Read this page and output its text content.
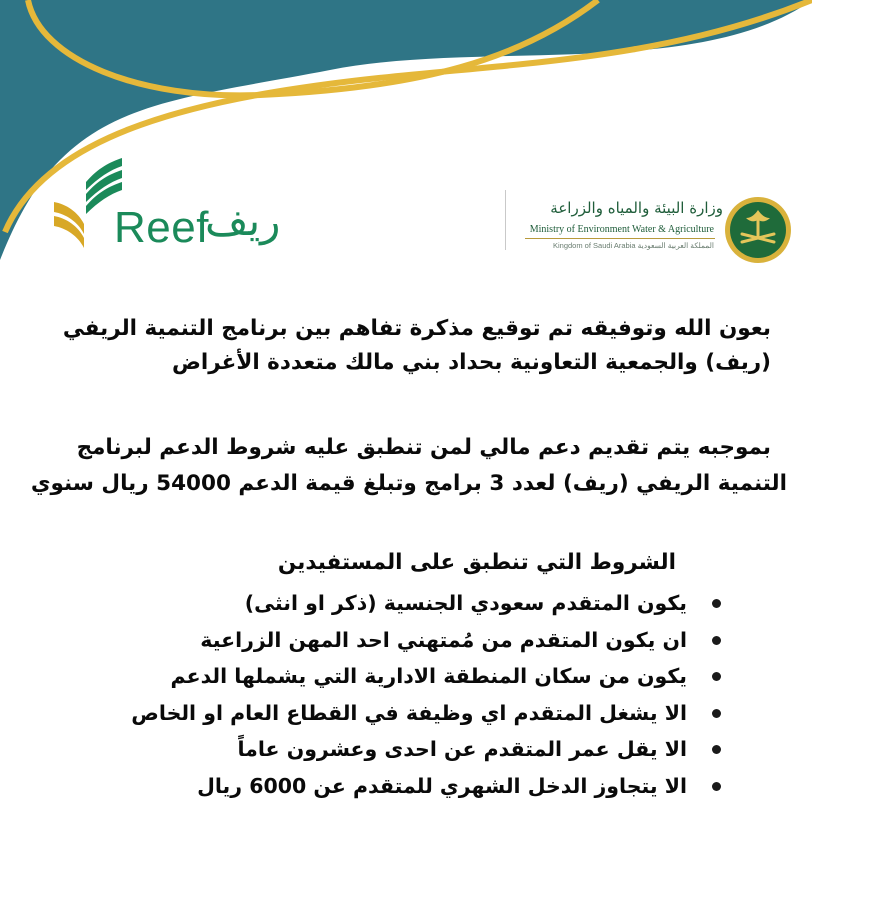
Reef
ريف	وزارة البيئة والمياه والزراعة
Ministry of Environment Water & Agriculture
Kingdom of Saudi Arabia المملكة العربية السعودية
بعون الله وتوفيقه تم توقيع مذكرة تفاهم بين برنامج التنمية الريفي
(ريف) والجمعية التعاونية بحداد بني مالك متعددة الأغراض
بموجبه يتم تقديم دعم مالي لمن تنطبق عليه شروط الدعم لبرنامج
التنمية الريفي (ريف) لعدد 3 برامج وتبلغ قيمة الدعم 54000 ريال سنوي
الشروط التي تنطبق على المستفيدين
يكون المتقدم سعودي الجنسية (ذكر او انثى)
ان يكون المتقدم من مُمتهني احد المهن الزراعية
يكون من سكان المنطقة الادارية التي يشملها الدعم
الا يشغل المتقدم اي وظيفة في القطاع العام او الخاص
الا يقل عمر المتقدم عن احدى وعشرون عاماً
الا يتجاوز الدخل الشهري للمتقدم عن 6000 ريال
